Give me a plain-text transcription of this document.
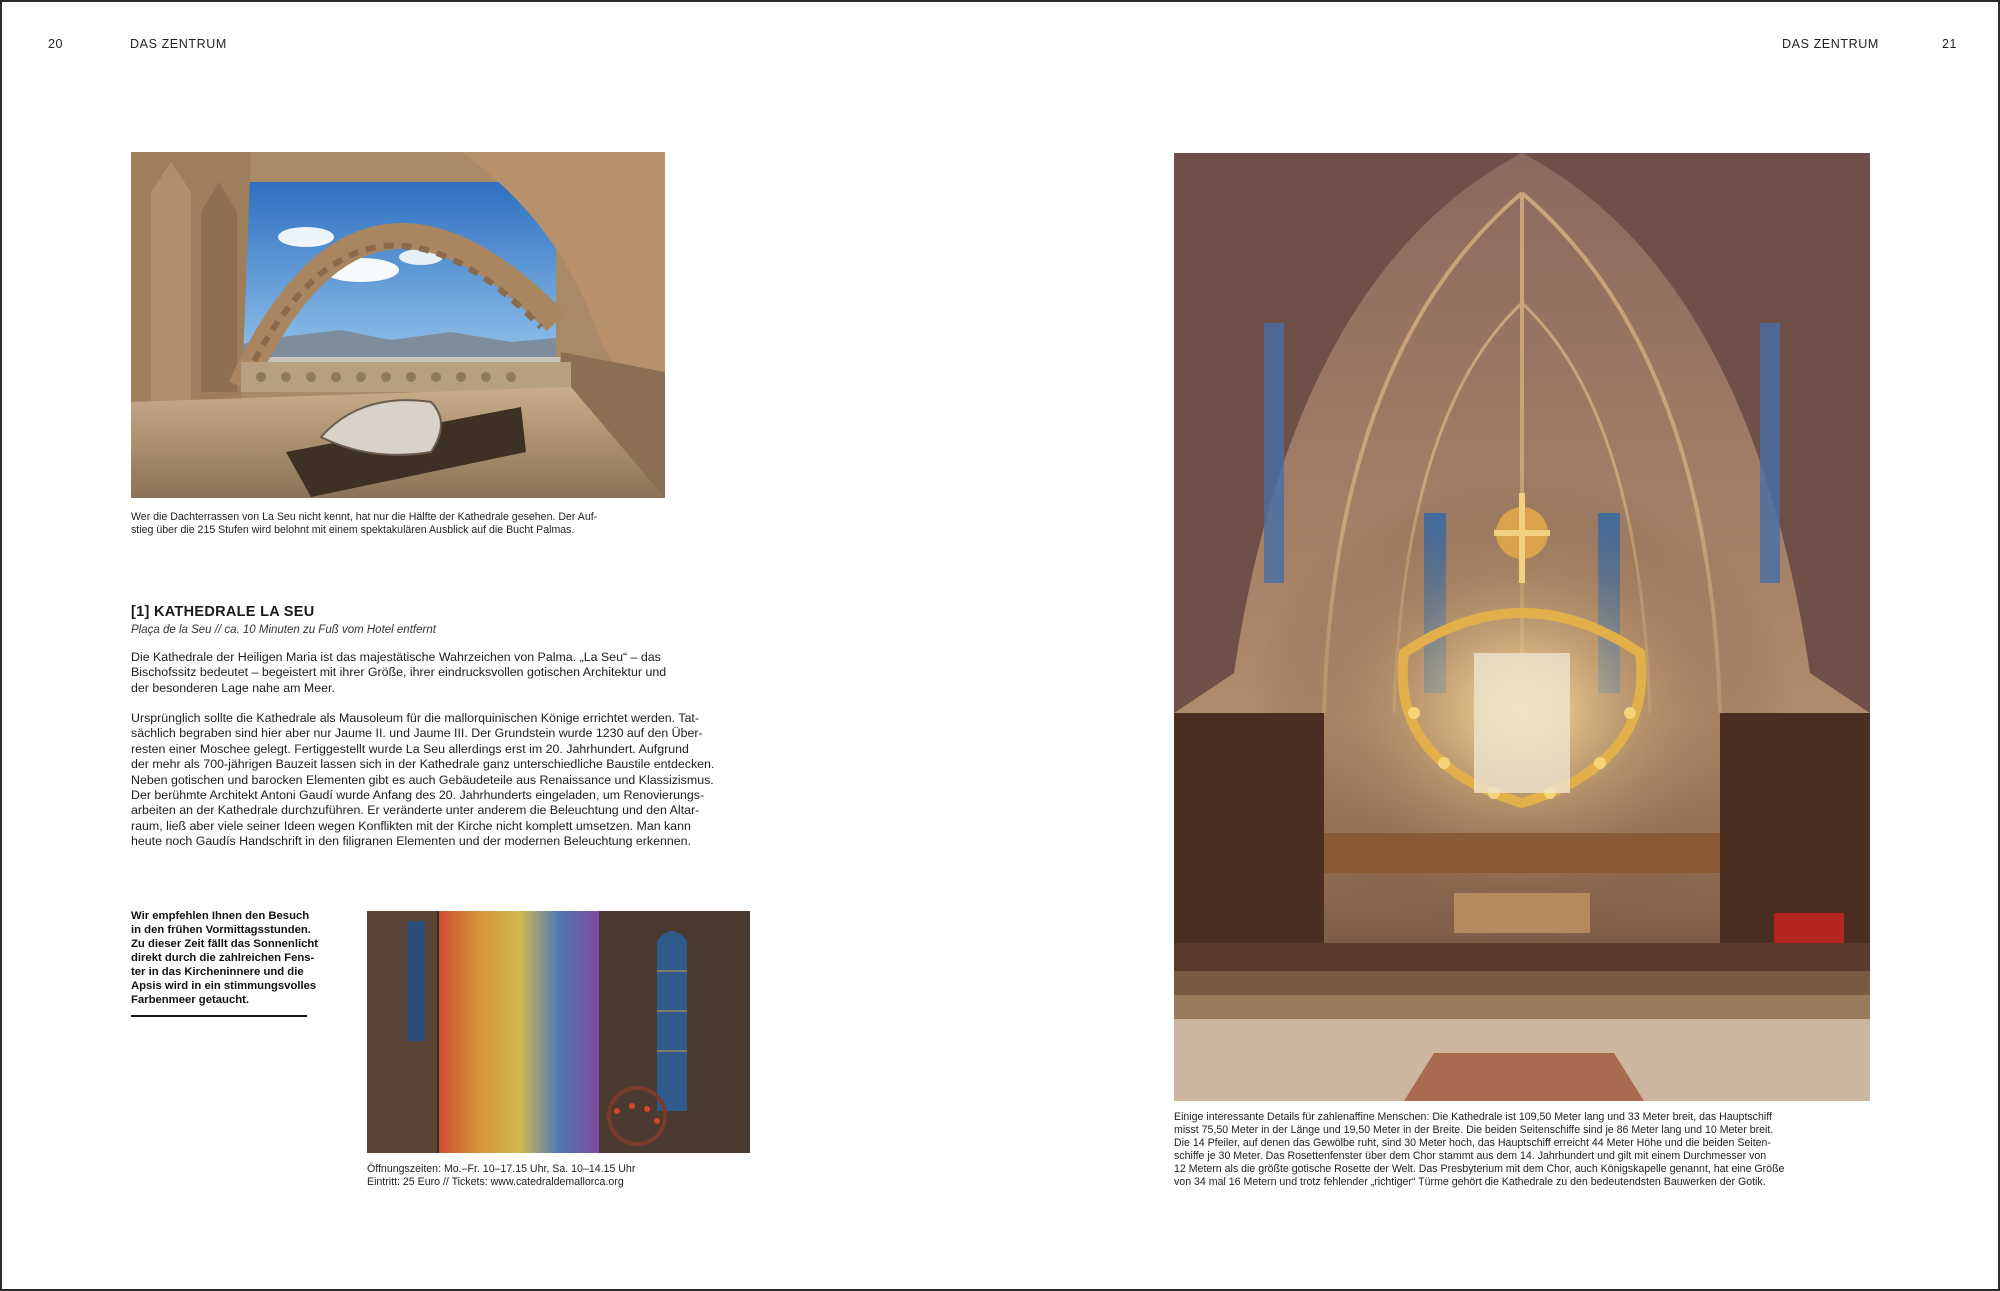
20	DAS ZENTRUM	DAS ZENTRUM	21
Wer die Dachterrassen von La Seu nicht kennt, hat nur die Hälfte der Kathedrale gesehen. Der Auf-
stieg über die 215 Stufen wird belohnt mit einem spektakulären Ausblick auf die Bucht Palmas.
[1] KATHEDRALE LA SEU
Plaça de la Seu // ca. 10 Minuten zu Fuß vom Hotel entfernt

Die Kathedrale der Heiligen Maria ist das majestätische Wahrzeichen von Palma. „La Seu“ – das
Bischofssitz bedeutet – begeistert mit ihrer Größe, ihrer eindrucksvollen gotischen Architektur und
der besonderen Lage nahe am Meer.

Ursprünglich sollte die Kathedrale als Mausoleum für die mallorquinischen Könige errichtet werden. Tat-
sächlich begraben sind hier aber nur Jaume II. und Jaume III. Der Grundstein wurde 1230 auf den Über-
resten einer Moschee gelegt. Fertiggestellt wurde La Seu allerdings erst im 20. Jahrhundert. Aufgrund
der mehr als 700-jährigen Bauzeit lassen sich in der Kathedrale ganz unterschiedliche Baustile entdecken.
Neben gotischen und barocken Elementen gibt es auch Gebäudeteile aus Renaissance und Klassizismus.
Der berühmte Architekt Antoni Gaudí wurde Anfang des 20. Jahrhunderts eingeladen, um Renovierungs-
arbeiten an der Kathedrale durchzuführen. Er veränderte unter anderem die Beleuchtung und den Altar-
raum, ließ aber viele seiner Ideen wegen Konflikten mit der Kirche nicht komplett umsetzen. Man kann
heute noch Gaudís Handschrift in den filigranen Elementen und der modernen Beleuchtung erkennen.

Wir empfehlen Ihnen den Besuch
in den frühen Vormittagsstunden.
Zu dieser Zeit fällt das Sonnenlicht
direkt durch die zahlreichen Fens-
ter in das Kircheninnere und die
Apsis wird in ein stimmungsvolles
Farbenmeer getaucht.
Öffnungszeiten: Mo.–Fr. 10–17.15 Uhr, Sa. 10–14.15 Uhr
Eintritt: 25 Euro // Tickets: www.catedraldemallorca.org
Einige interessante Details für zahlenaffine Menschen: Die Kathedrale ist 109,50 Meter lang und 33 Meter breit, das Hauptschiff
misst 75,50 Meter in der Länge und 19,50 Meter in der Breite. Die beiden Seitenschiffe sind je 86 Meter lang und 10 Meter breit.
Die 14 Pfeiler, auf denen das Gewölbe ruht, sind 30 Meter hoch, das Hauptschiff erreicht 44 Meter Höhe und die beiden Seiten-
schiffe je 30 Meter. Das Rosettenfenster über dem Chor stammt aus dem 14. Jahrhundert und gilt mit einem Durchmesser von
12 Metern als die größte gotische Rosette der Welt. Das Presbyterium mit dem Chor, auch Königskapelle genannt, hat eine Größe
von 34 mal 16 Metern und trotz fehlender „richtiger“ Türme gehört die Kathedrale zu den bedeutendsten Bauwerken der Gotik.
